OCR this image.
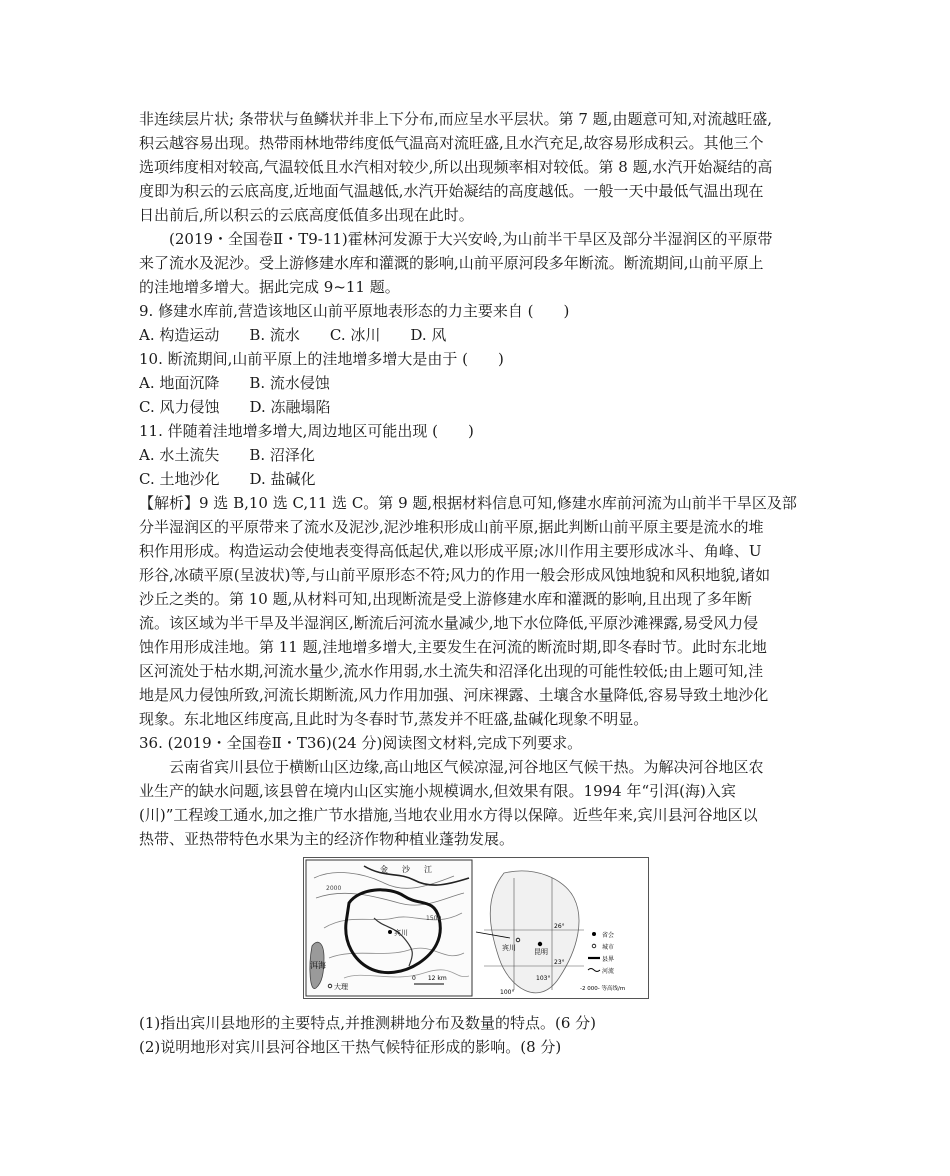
非连续层片状; 条带状与鱼鳞状并非上下分布,而应呈水平层状。第 7 题,由题意可知,对流越旺盛,
积云越容易出现。热带雨林地带纬度低气温高对流旺盛,且水汽充足,故容易形成积云。其他三个
选项纬度相对较高,气温较低且水汽相对较少,所以出现频率相对较低。第 8 题,水汽开始凝结的高
度即为积云的云底高度,近地面气温越低,水汽开始凝结的高度越低。一般一天中最低气温出现在
日出前后,所以积云的云底高度低值多出现在此时。
(2019・全国卷Ⅱ・T9-11)霍林河发源于大兴安岭,为山前半干旱区及部分半湿润区的平原带
来了流水及泥沙。受上游修建水库和灌溉的影响,山前平原河段多年断流。断流期间,山前平原上
的洼地增多增大。据此完成 9~11 题。
9. 修建水库前,营造该地区山前平原地表形态的力主要来自 (　　)
A. 构造运动　　B. 流水　　C. 冰川　　D. 风
10. 断流期间,山前平原上的洼地增多增大是由于 (　　)
A. 地面沉降　　B. 流水侵蚀
C. 风力侵蚀　　D. 冻融塌陷
11. 伴随着洼地增多增大,周边地区可能出现 (　　)
A. 水土流失　　B. 沼泽化
C. 土地沙化　　D. 盐碱化
【解析】9 选 B,10 选 C,11 选 C。第 9 题,根据材料信息可知,修建水库前河流为山前半干旱区及部
分半湿润区的平原带来了流水及泥沙,泥沙堆积形成山前平原,据此判断山前平原主要是流水的堆
积作用形成。构造运动会使地表变得高低起伏,难以形成平原;冰川作用主要形成冰斗、角峰、U
形谷,冰碛平原(呈波状)等,与山前平原形态不符;风力的作用一般会形成风蚀地貌和风积地貌,诸如
沙丘之类的。第 10 题,从材料可知,出现断流是受上游修建水库和灌溉的影响,且出现了多年断
流。该区域为半干旱及半湿润区,断流后河流水量减少,地下水位降低,平原沙滩裸露,易受风力侵
蚀作用形成洼地。第 11 题,洼地增多增大,主要发生在河流的断流时期,即冬春时节。此时东北地
区河流处于枯水期,河流水量少,流水作用弱,水土流失和沼泽化出现的可能性较低;由上题可知,洼
地是风力侵蚀所致,河流长期断流,风力作用加强、河床裸露、土壤含水量降低,容易导致土地沙化
现象。东北地区纬度高,且此时为冬春时节,蒸发并不旺盛,盐碱化现象不明显。
36. (2019・全国卷Ⅱ・T36)(24 分)阅读图文材料,完成下列要求。
云南省宾川县位于横断山区边缘,高山地区气候凉湿,河谷地区气候干热。为解决河谷地区农
业生产的缺水问题,该县曾在境内山区实施小规模调水,但效果有限。1994 年“引洱(海)入宾
(川)”工程竣工通水,加之推广节水措施,当地农业用水方得以保障。近些年来,宾川县河谷地区以
热带、亚热带特色水果为主的经济作物种植业蓬勃发展。
洱海
金 沙 江
2000
1500
宾川
大理
0　　12 km
宾川	昆明
26°
23°
100°
103°
省会
城市
县界
河流
-2 000- 等高线/m
(1)指出宾川县地形的主要特点,并推测耕地分布及数量的特点。(6 分)
(2)说明地形对宾川县河谷地区干热气候特征形成的影响。(8 分)
